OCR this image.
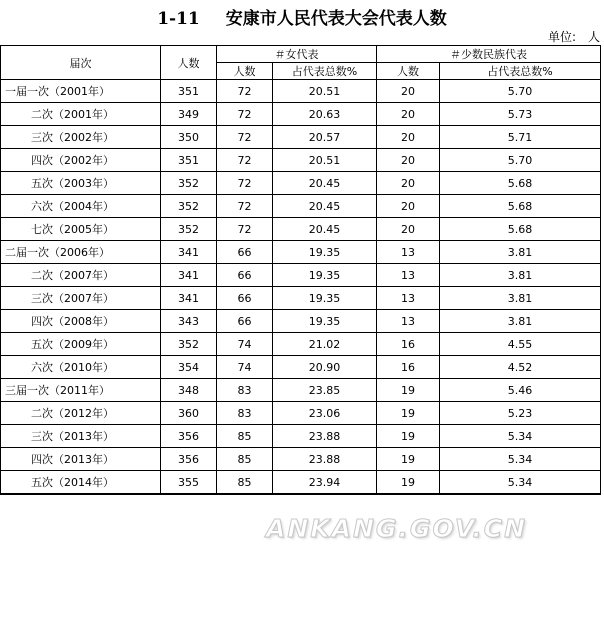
1-11 安康市人民代表大会代表人数
单位:　人
届次	人数	＃女代表		＃少数民族代表	
		人数	占代表总数%	人数	占代表总数%
一届一次（2001年）	351	72	20.51	20	5.70
二次（2001年）	349	72	20.63	20	5.73
三次（2002年）	350	72	20.57	20	5.71
四次（2002年）	351	72	20.51	20	5.70
五次（2003年）	352	72	20.45	20	5.68
六次（2004年）	352	72	20.45	20	5.68
七次（2005年）	352	72	20.45	20	5.68
二届一次（2006年）	341	66	19.35	13	3.81
二次（2007年）	341	66	19.35	13	3.81
三次（2007年）	341	66	19.35	13	3.81
四次（2008年）	343	66	19.35	13	3.81
五次（2009年）	352	74	21.02	16	4.55
六次（2010年）	354	74	20.90	16	4.52
三届一次（2011年）	348	83	23.85	19	5.46
二次（2012年）	360	83	23.06	19	5.23
三次（2013年）	356	85	23.88	19	5.34
四次（2013年）	356	85	23.88	19	5.34
五次（2014年）	355	85	23.94	19	5.34
ANKANG.GOV.CN
